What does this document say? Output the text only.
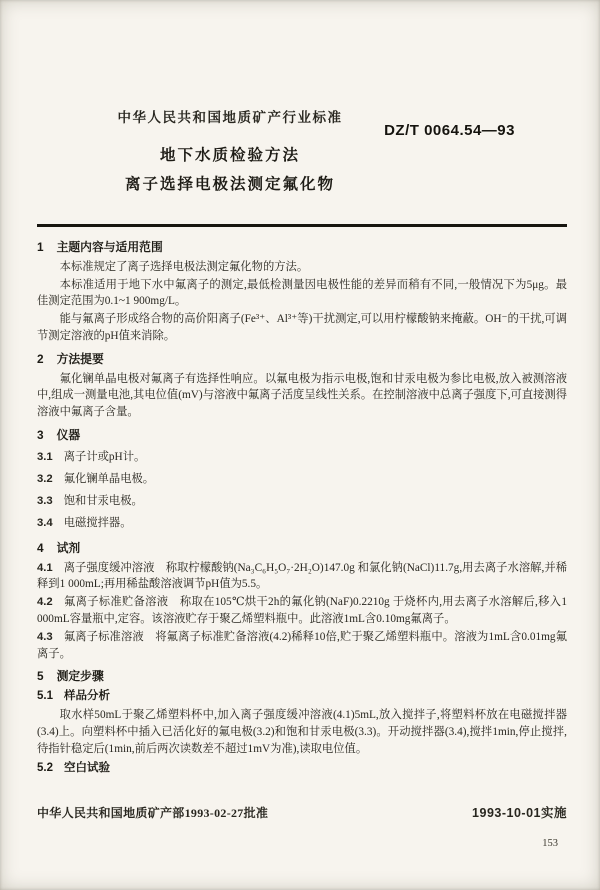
中华人民共和国地质矿产行业标准
地下水质检验方法
离子选择电极法测定氟化物
DZ/T 0064.54—93
1 主题内容与适用范围

本标准规定了离子选择电极法测定氟化物的方法。

本标准适用于地下水中氟离子的测定,最低检测量因电极性能的差异而稍有不同,一般情况下为5μg。最佳测定范围为0.1~1 900mg/L。

能与氟离子形成络合物的高价阳离子(Fe³⁺、Al³⁺等)干扰测定,可以用柠檬酸钠来掩蔽。OH⁻的干扰,可调节测定溶液的pH值来消除。

2 方法提要

氟化镧单晶电极对氟离子有选择性响应。以氟电极为指示电极,饱和甘汞电极为参比电极,放入被测溶液中,组成一测量电池,其电位值(mV)与溶液中氟离子活度呈线性关系。在控制溶液中总离子强度下,可直接测得溶液中氟离子含量。

3 仪器

3.1 离子计或pH计。

3.2 氟化镧单晶电极。

3.3 饱和甘汞电极。

3.4 电磁搅拌器。

4 试剂

4.1 离子强度缓冲溶液　称取柠檬酸钠(Na₃C₆H₅O₇·2H₂O)147.0g 和氯化钠(NaCl)11.7g,用去离子水溶解,并稀释到1 000mL;再用稀盐酸溶液调节pH值为5.5。

4.2 氟离子标准贮备溶液　称取在105℃烘干2h的氟化钠(NaF)0.2210g 于烧杯内,用去离子水溶解后,移入1 000mL容量瓶中,定容。该溶液贮存于聚乙烯塑料瓶中。此溶液1mL含0.10mg氟离子。

4.3 氟离子标准溶液　将氟离子标准贮备溶液(4.2)稀释10倍,贮于聚乙烯塑料瓶中。溶液为1mL含0.01mg氟离子。

5 测定步骤
5.1 样品分析

取水样50mL于聚乙烯塑料杯中,加入离子强度缓冲溶液(4.1)5mL,放入搅拌子,将塑料杯放在电磁搅拌器(3.4)上。向塑料杯中插入已活化好的氟电极(3.2)和饱和甘汞电极(3.3)。开动搅拌器(3.4),搅拌1min,停止搅拌,待指针稳定后(1min,前后两次读数差不超过1mV为准),读取电位值。

5.2 空白试验
中华人民共和国地质矿产部1993-02-27批准	1993-10-01实施
153
